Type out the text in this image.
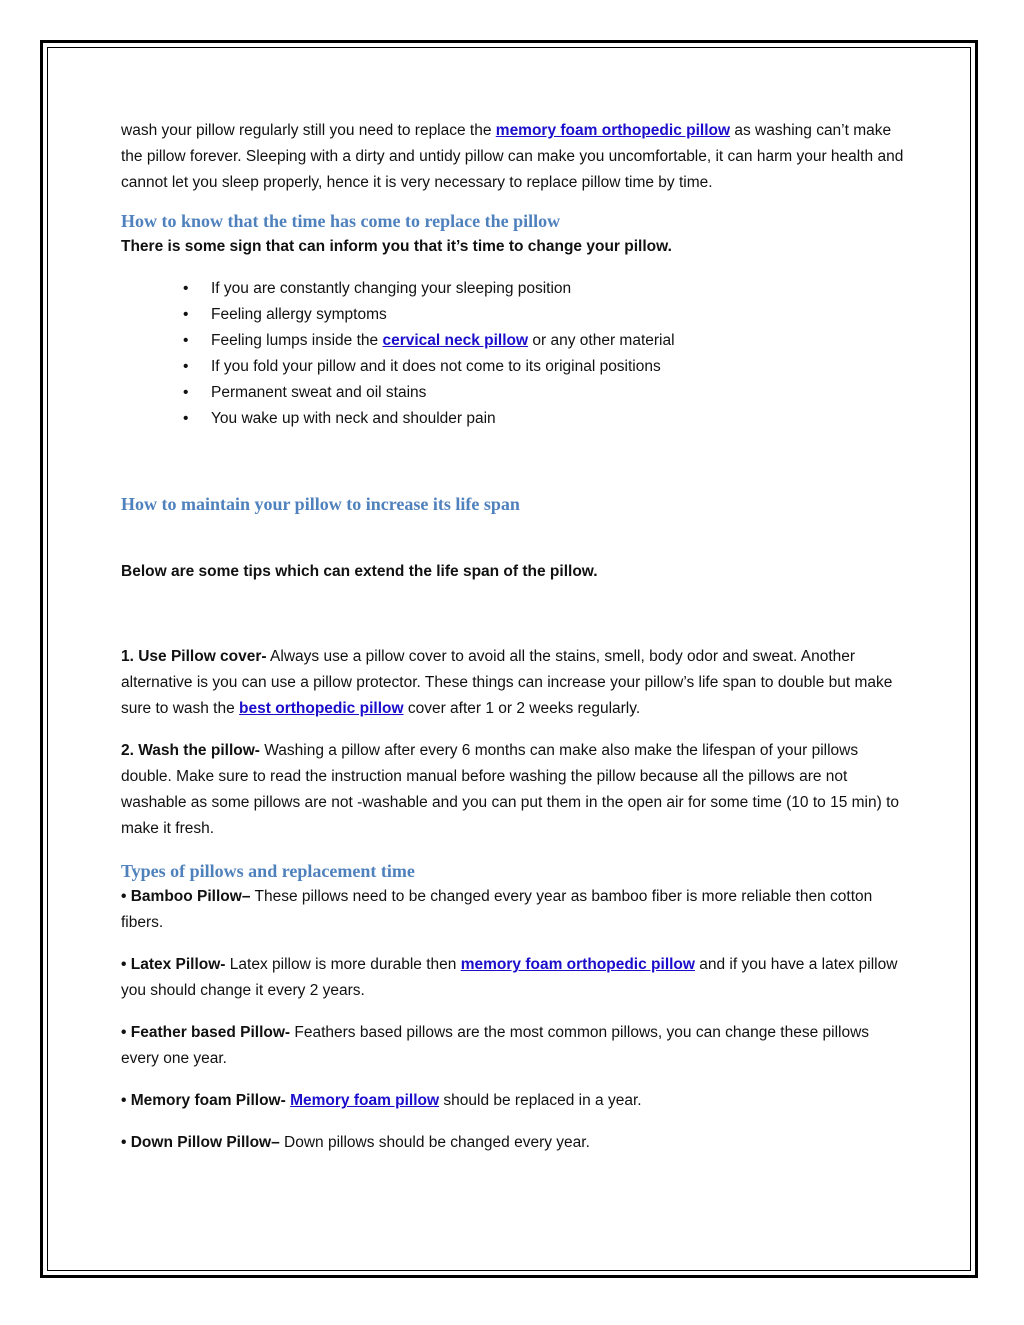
wash your pillow regularly still you need to replace the memory foam orthopedic pillow as washing can’t make the pillow forever. Sleeping with a dirty and untidy pillow can make you uncomfortable, it can harm your health and cannot let you sleep properly, hence it is very necessary to replace pillow time by time.

How to know that the time has come to replace the pillow

There is some sign that can inform you that it’s time to change your pillow.

• If you are constantly changing your sleeping position
• Feeling allergy symptoms
• Feeling lumps inside the cervical neck pillow or any other material
• If you fold your pillow and it does not come to its original positions
• Permanent sweat and oil stains
• You wake up with neck and shoulder pain
How to maintain your pillow to increase its life span

Below are some tips which can extend the life span of the pillow.

1. Use Pillow cover- Always use a pillow cover to avoid all the stains, smell, body odor and sweat. Another alternative is you can use a pillow protector. These things can increase your pillow’s life span to double but make sure to wash the best orthopedic pillow cover after 1 or 2 weeks regularly.

2. Wash the pillow- Washing a pillow after every 6 months can make also make the lifespan of your pillows double. Make sure to read the instruction manual before washing the pillow because all the pillows are not washable as some pillows are not -washable and you can put them in the open air for some time (10 to 15 min) to make it fresh.

Types of pillows and replacement time

• Bamboo Pillow– These pillows need to be changed every year as bamboo fiber is more reliable then cotton fibers.

• Latex Pillow- Latex pillow is more durable then memory foam orthopedic pillow and if you have a latex pillow you should change it every 2 years.

• Feather based Pillow- Feathers based pillows are the most common pillows, you can change these pillows every one year.

• Memory foam Pillow- Memory foam pillow should be replaced in a year.

• Down Pillow Pillow– Down pillows should be changed every year.
